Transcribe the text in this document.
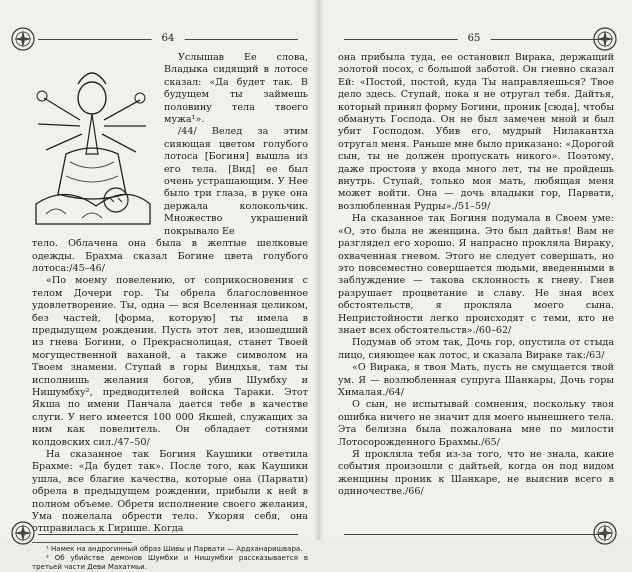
64

Услышав Ее слова, Владыка сидящий в лотосе сказал: «Да будет так. В будущем ты займешь половину тела твоего мужа¹».

/44/ Велед за этим сияющая цветом голубого лотоса [Богиня] вышла из его тела. [Вид] ее был очень устрашающим. У Нее было три глаза, в руке она держала колокольчик. Множество украшений покрывало Ее

тело. Облачена она была в желтые шелковые одежды. Брахма сказал Богине цвета голубого лотоса:/45–46/

«По моему повелению, от соприкосновения с телом Дочери гор. Ты обрела благословенное удовлетворение. Ты, одна — вся Вселенная целиком, без частей, [форма, которую] ты имела в предыдущем рождении. Пусть этот лев, изошедший из гнева Богини, о Прекраснолицая, станет Твоей могущественной ваханой, а также символом на Твоем знамени. Ступай в горы Виндхья, там ты исполнишь желания богов, убив Шумбху и Нишумбху², предводителей войска Тараки. Этот Якша по имени Панчала дается тебе в качестве слуги. У него имеется 100 000 Якшей, служащих за ним как повелитель. Он обладает сотнями колдовских сил./47–50/

На сказанное так Богиня Каушики ответила Брахме: «Да будет так». После того, как Каушики ушла, все благие качества, которые она (Парвати) обрела в предыдущем рождении, прибыли к ней в полном объеме. Обретя исполнение своего желания, Ума пожелала обрести тело. Укоряя себя, она отправилась к Гирише. Когда

¹ Намек на андрогинный образ Шивы и Парвати — Ардханаришвара.

² Об убийстве демонов Шумбхи и Нишумбхи рассказывается в третьей части Деви Махатмьи.

65

она прибыла туда, ее остановил Вирака, держащий золотой посох, с большой заботой. Он гневно сказал Ей: «Постой, постой, куда Ты направляешься? Твое дело здесь. Ступай, пока я не отругал тебя. Дайтья, который принял форму Богини, проник [сюда], чтобы обмануть Господа. Он не был замечен мной и был убит Господом. Убив его, мудрый Нилакантха отругал меня. Раньше мне было приказано: «Дорогой сын, ты не должен пропускать никого». Поэтому, даже простояв у входа много лет, ты не пройдешь внутрь. Ступай, только моя мать, любящая меня может войти. Она — дочь владыки гор, Парвати, возлюбленная Рудры»./51–59/

На сказанное так Богиня подумала в Своем уме: «О, это была не женщина. Это был дайтья! Вам не разглядел его хорошо. Я напрасно прокляла Вираку, охваченная гневом. Этого не следует совершать, но это повсеместно совершается людьми, введенными в заблуждение — такова склонность к гневу. Гнев разрушает процветание и славу. Не зная всех обстоятельств, я прокляла моего сына. Непристойности легко происходят с теми, кто не знает всех обстоятельств»./60–62/

Подумав об этом так, Дочь гор, опустила от стыда лицо, сияющее как лотос, и сказала Вираке так:/63/

«О Вирака, я твоя Мать, пусть не смущается твой ум. Я — возлюбленная супруга Шанкары, Дочь горы Хималая./64/

О сын, не испытывай сомнения, поскольку твоя ошибка ничего не значит для моего нынешнего тела. Эта белизна была пожалована мне по милости Лотосорожденного Брахмы./65/

Я прокляла тебя из-за того, что не знала, какие события произошли с дайтьей, когда он под видом женщины проник к Шанкаре, не выяснив всего в одиночестве./66/
